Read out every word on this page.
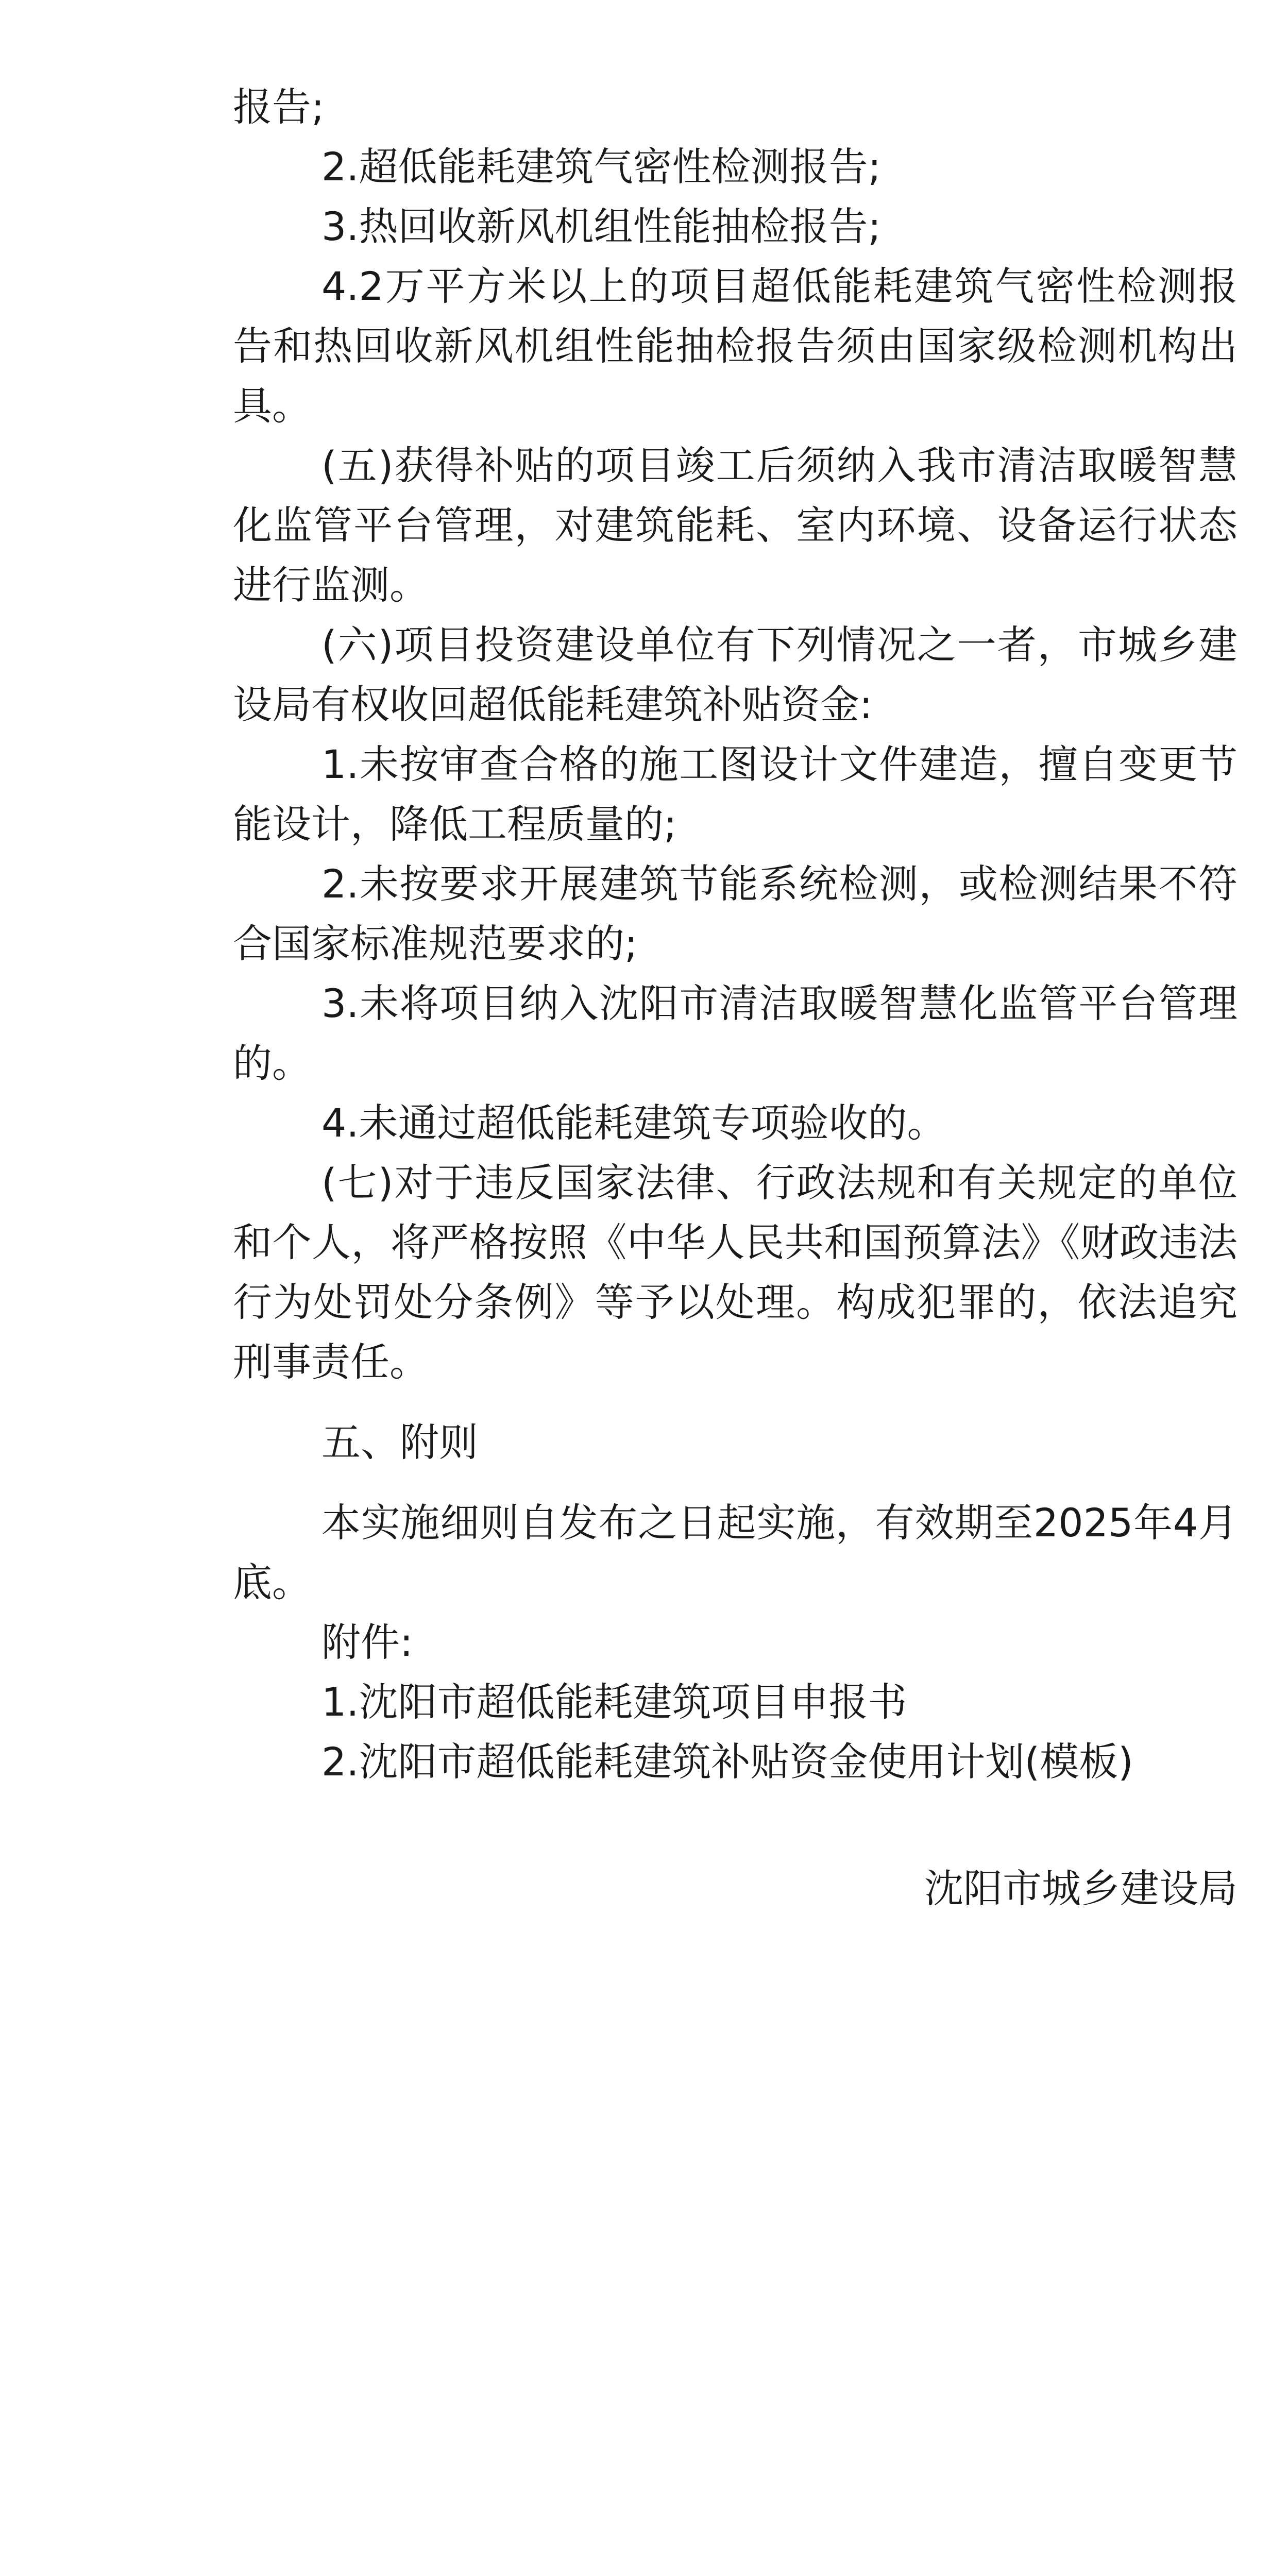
报告;

2.超低能耗建筑气密性检测报告;

3.热回收新风机组性能抽检报告;

4.2万平方米以上的项目超低能耗建筑气密性检测报告和热回收新风机组性能抽检报告须由国家级检测机构出具。

(五)获得补贴的项目竣工后须纳入我市清洁取暖智慧化监管平台管理，对建筑能耗、室内环境、设备运行状态进行监测。

(六)项目投资建设单位有下列情况之一者，市城乡建设局有权收回超低能耗建筑补贴资金:

1.未按审查合格的施工图设计文件建造，擅自变更节能设计，降低工程质量的;

2.未按要求开展建筑节能系统检测，或检测结果不符合国家标准规范要求的;

3.未将项目纳入沈阳市清洁取暖智慧化监管平台管理的。

4.未通过超低能耗建筑专项验收的。

(七)对于违反国家法律、行政法规和有关规定的单位和个人，将严格按照《中华人民共和国预算法》《财政违法行为处罚处分条例》等予以处理。构成犯罪的，依法追究刑事责任。

五、附则

本实施细则自发布之日起实施，有效期至2025年4月底。

附件:

1.沈阳市超低能耗建筑项目申报书

2.沈阳市超低能耗建筑补贴资金使用计划(模板)

沈阳市城乡建设局
